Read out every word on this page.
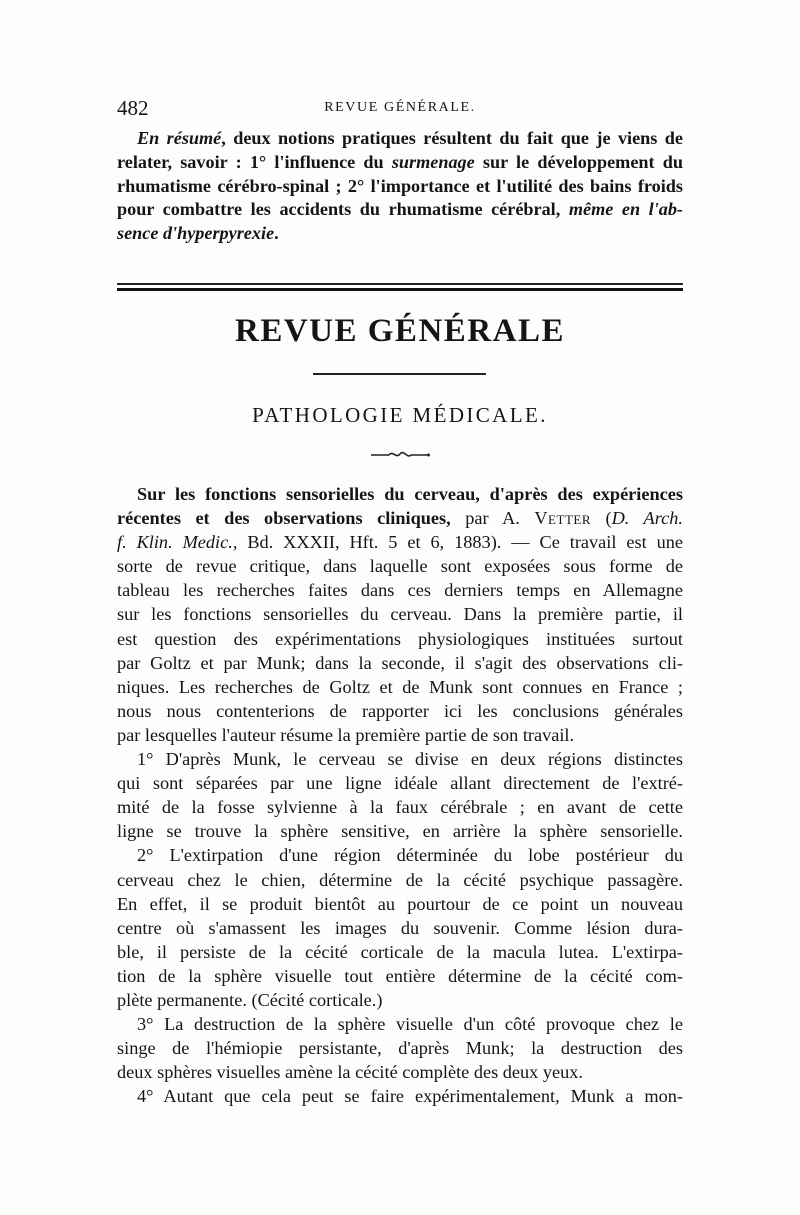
482	REVUE GÉNÉRALE.
En résumé, deux notions pratiques résultent du fait que je viens de
relater, savoir : 1° l'influence du surmenage sur le développement du
rhumatisme cérébro-spinal ; 2° l'importance et l'utilité des bains froids
pour combattre les accidents du rhumatisme cérébral, même en l'ab-
sence d'hyperpyrexie.
REVUE GÉNÉRALE
PATHOLOGIE MÉDICALE.
Sur les fonctions sensorielles du cerveau, d'après des expériences
récentes et des observations cliniques, par A. Vetter (D. Arch.
f. Klin. Medic., Bd. XXXII, Hft. 5 et 6, 1883). — Ce travail est une
sorte de revue critique, dans laquelle sont exposées sous forme de
tableau les recherches faites dans ces derniers temps en Allemagne
sur les fonctions sensorielles du cerveau. Dans la première partie, il
est question des expérimentations physiologiques instituées surtout
par Goltz et par Munk; dans la seconde, il s'agit des observations cli-
niques. Les recherches de Goltz et de Munk sont connues en France ;
nous nous contenterions de rapporter ici les conclusions générales
par lesquelles l'auteur résume la première partie de son travail.
1° D'après Munk, le cerveau se divise en deux régions distinctes
qui sont séparées par une ligne idéale allant directement de l'extré-
mité de la fosse sylvienne à la faux cérébrale ; en avant de cette
ligne se trouve la sphère sensitive, en arrière la sphère sensorielle.
2° L'extirpation d'une région déterminée du lobe postérieur du
cerveau chez le chien, détermine de la cécité psychique passagère.
En effet, il se produit bientôt au pourtour de ce point un nouveau
centre où s'amassent les images du souvenir. Comme lésion dura-
ble, il persiste de la cécité corticale de la macula lutea. L'extirpa-
tion de la sphère visuelle tout entière détermine de la cécité com-
plète permanente. (Cécité corticale.)
3° La destruction de la sphère visuelle d'un côté provoque chez le
singe de l'hémiopie persistante, d'après Munk; la destruction des
deux sphères visuelles amène la cécité complète des deux yeux.
4° Autant que cela peut se faire expérimentalement, Munk a mon-
